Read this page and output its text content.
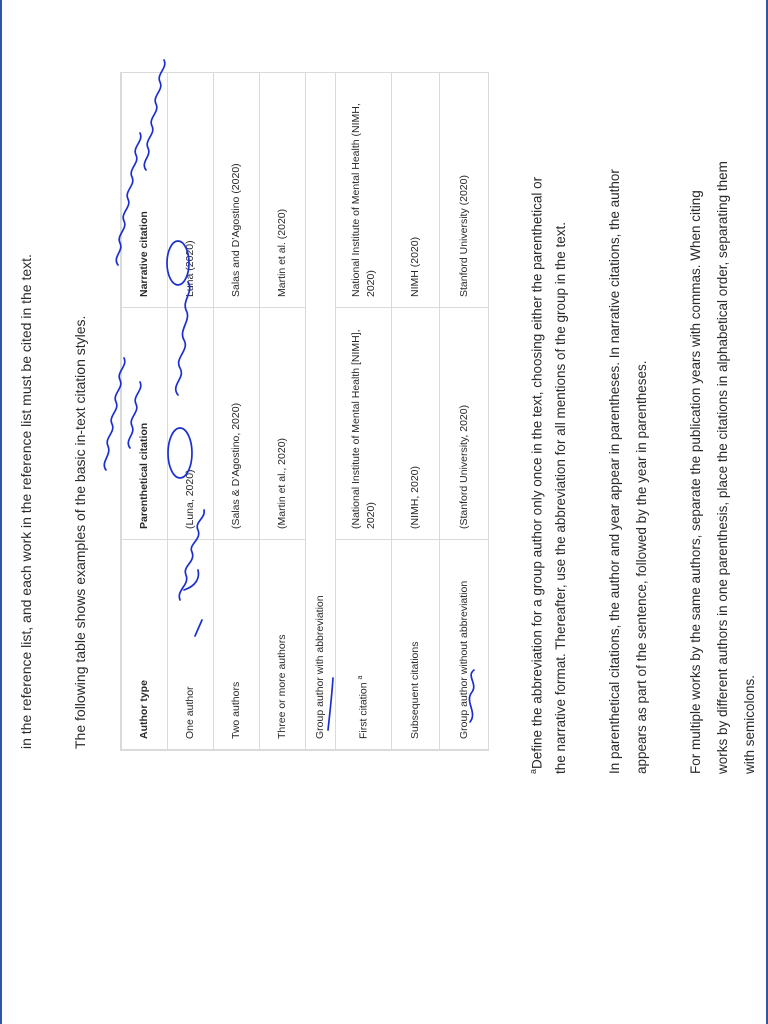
in the reference list, and each work in the reference list must be cited in the text.	The following table shows examples of the basic in-text citation styles.	Author type	Parenthetical citation	Narrative citation
One author	(Luna, 2020)	Luna (2020)
Two authors	(Salas & D’Agostino, 2020)	Salas and D’Agostino (2020)
Three or more authors	(Martin et al., 2020)	Martin et al. (2020)
Group author with abbreviation		
First citation $^a$	(National Institute of Mental Health [NIMH], 2020)	National Institute of Mental Health (NIMH, 2020)
Subsequent citations	(NIMH, 2020)	NIMH (2020)
Group author without abbreviation	(Stanford University, 2020)	Stanford University (2020)
$^a$Define the abbreviation for a group author only once in the text, choosing either the parenthetical or the narrative format. Thereafter, use the abbreviation for all mentions of the group in the text.	In parenthetical citations, the author and year appear in parentheses. In narrative citations, the author appears as part of the sentence, followed by the year in parentheses.	For multiple works by the same authors, separate the publication years with commas. When citing works by different authors in one parenthesis, place the citations in alphabetical order, separating them with semicolons.
